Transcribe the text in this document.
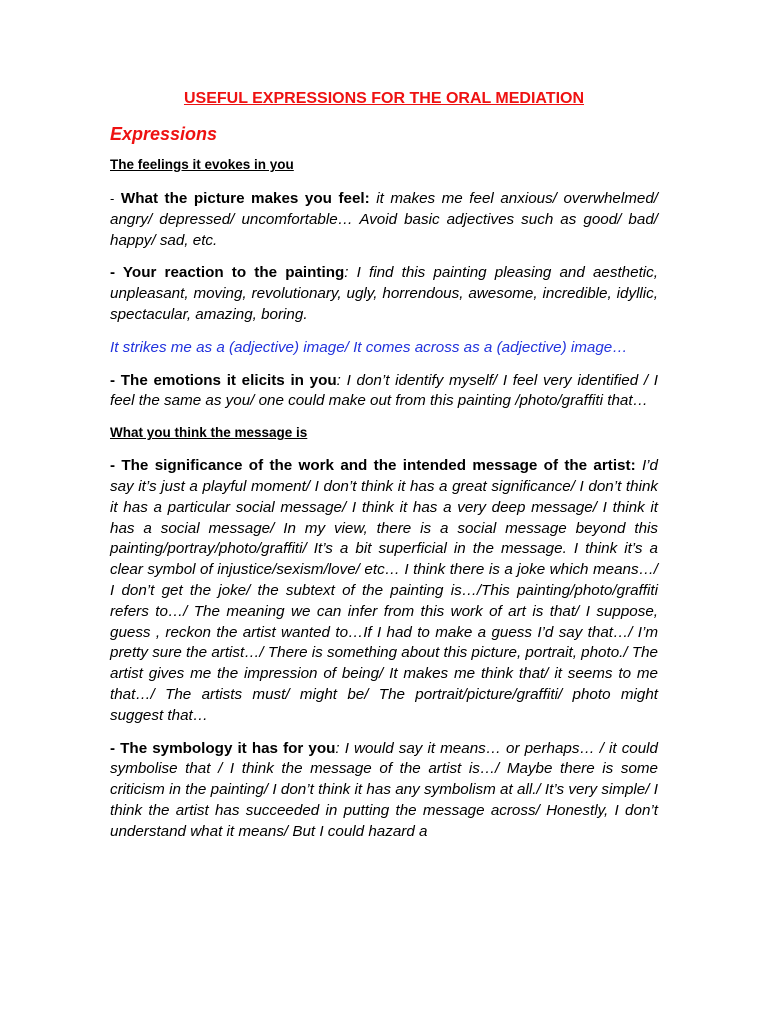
USEFUL EXPRESSIONS FOR THE ORAL MEDIATION
Expressions
The feelings it evokes in you

- What the picture makes you feel: it makes me feel anxious/ overwhelmed/ angry/ depressed/ uncomfortable… Avoid basic adjectives such as good/ bad/ happy/ sad, etc.

- Your reaction to the painting: I find this painting pleasing and aesthetic, unpleasant, moving, revolutionary, ugly, horrendous, awesome, incredible, idyllic, spectacular, amazing, boring.

It strikes me as a (adjective) image/ It comes across as a (adjective) image…

- The emotions it elicits in you: I don’t identify myself/ I feel very identified / I feel the same as you/ one could make out from this painting /photo/graffiti that…

What you think the message is

- The significance of the work and the intended message of the artist: I’d say it’s just a playful moment/ I don’t think it has a great significance/ I don’t think it has a particular social message/ I think it has a very deep message/ I think it has a social message/ In my view, there is a social message beyond this painting/portray/photo/graffiti/ It’s a bit superficial in the message. I think it’s a clear symbol of injustice/sexism/love/ etc… I think there is a joke which means…/ I don’t get the joke/ the subtext of the painting is…/This painting/photo/graffiti refers to…/ The meaning we can infer from this work of art is that/ I suppose, guess , reckon the artist wanted to…If I had to make a guess I’d say that…/ I’m pretty sure the artist…/ There is something about this picture, portrait, photo./ The artist gives me the impression of being/ It makes me think that/ it seems to me that…/ The artists must/ might be/ The portrait/picture/graffiti/ photo might suggest that…

- The symbology it has for you: I would say it means… or perhaps… / it could symbolise that / I think the message of the artist is…/ Maybe there is some criticism in the painting/ I don’t think it has any symbolism at all./ It’s very simple/ I think the artist has succeeded in putting the message across/ Honestly, I don’t understand what it means/ But I could hazard a
